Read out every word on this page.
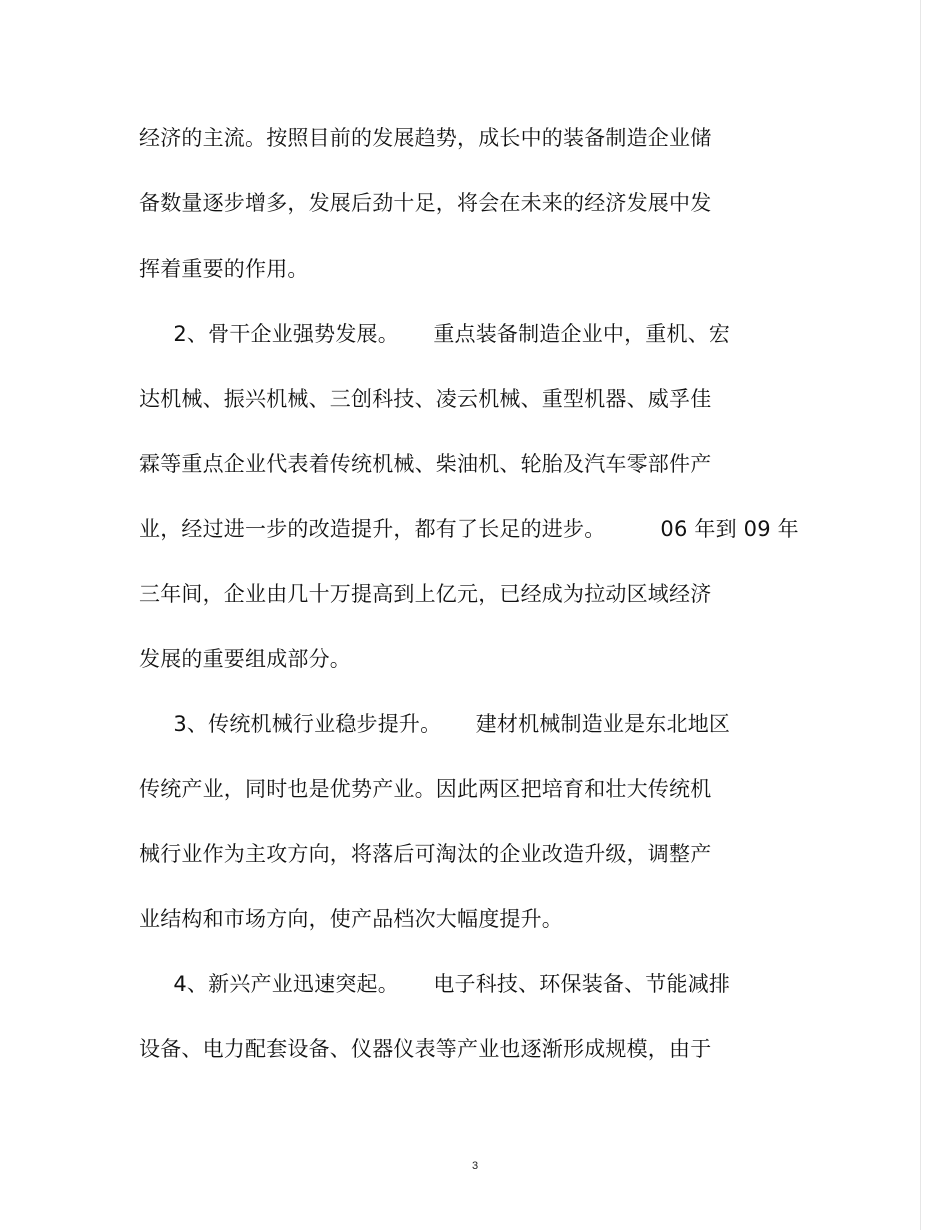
经济的主流。按照目前的发展趋势，成长中的装备制造企业储
备数量逐步增多，发展后劲十足，将会在未来的经济发展中发
挥着重要的作用。
2、骨干企业强势发展。     重点装备制造企业中，重机、宏
达机械、振兴机械、三创科技、凌云机械、重型机器、威孚佳
霖等重点企业代表着传统机械、柴油机、轮胎及汽车零部件产
业，经过进一步的改造提升，都有了长足的进步。        06 年到 09 年
三年间，企业由几十万提高到上亿元，已经成为拉动区域经济
发展的重要组成部分。
3、传统机械行业稳步提升。     建材机械制造业是东北地区
传统产业，同时也是优势产业。因此两区把培育和壮大传统机
械行业作为主攻方向，将落后可淘汰的企业改造升级，调整产
业结构和市场方向，使产品档次大幅度提升。
4、新兴产业迅速突起。     电子科技、环保装备、节能减排
设备、电力配套设备、仪器仪表等产业也逐渐形成规模，由于
3
